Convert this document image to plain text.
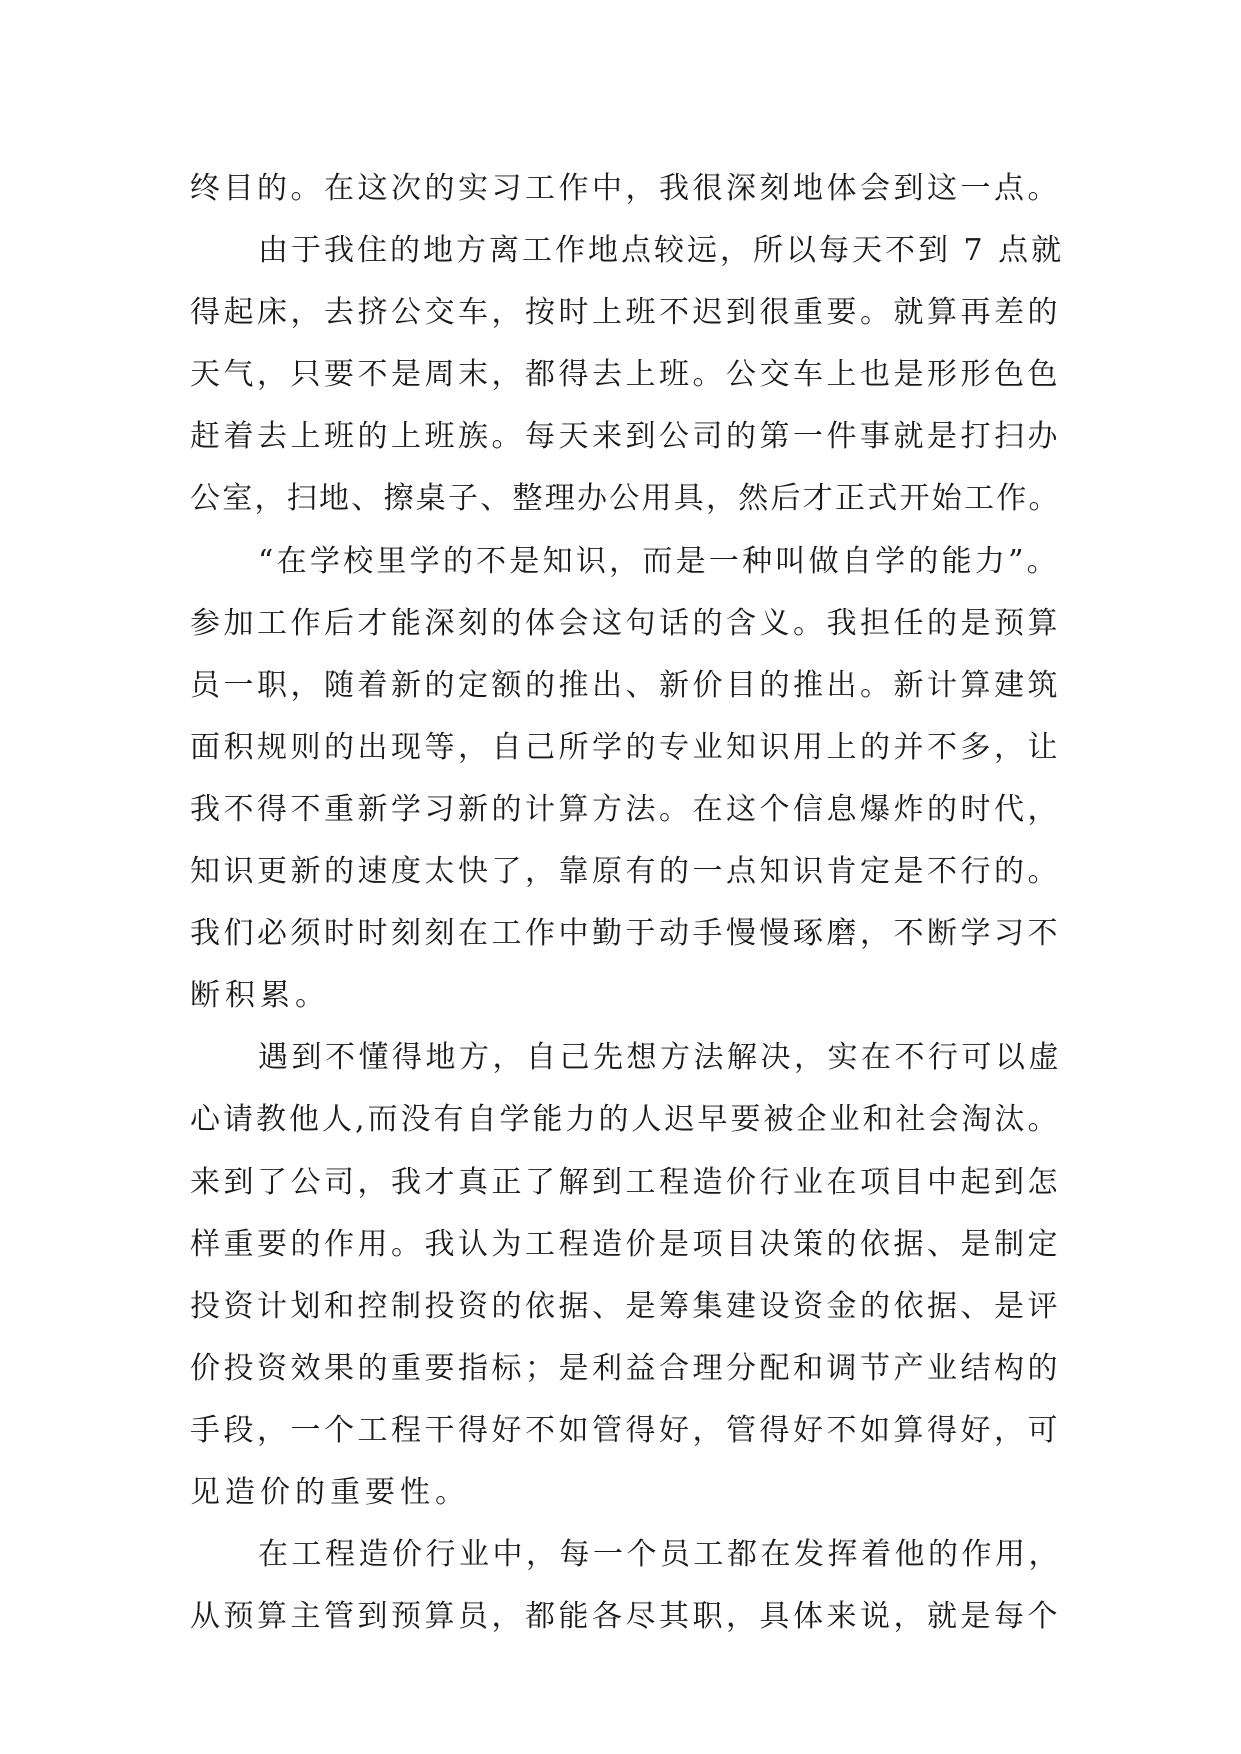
终目的。在这次的实习工作中，我很深刻地体会到这一点。
由于我住的地方离工作地点较远，所以每天不到 7 点就
得起床，去挤公交车，按时上班不迟到很重要。就算再差的
天气，只要不是周末，都得去上班。公交车上也是形形色色
赶着去上班的上班族。每天来到公司的第一件事就是打扫办
公室，扫地、擦桌子、整理办公用具，然后才正式开始工作。
“在学校里学的不是知识，而是一种叫做自学的能力”。
参加工作后才能深刻的体会这句话的含义。我担任的是预算
员一职，随着新的定额的推出、新价目的推出。新计算建筑
面积规则的出现等，自己所学的专业知识用上的并不多，让
我不得不重新学习新的计算方法。在这个信息爆炸的时代，
知识更新的速度太快了，靠原有的一点知识肯定是不行的。
我们必须时时刻刻在工作中勤于动手慢慢琢磨，不断学习不
断积累。
遇到不懂得地方，自己先想方法解决，实在不行可以虚
心请教他人,而没有自学能力的人迟早要被企业和社会淘汰。
来到了公司，我才真正了解到工程造价行业在项目中起到怎
样重要的作用。我认为工程造价是项目决策的依据、是制定
投资计划和控制投资的依据、是筹集建设资金的依据、是评
价投资效果的重要指标；是利益合理分配和调节产业结构的
手段，一个工程干得好不如管得好，管得好不如算得好，可
见造价的重要性。
在工程造价行业中，每一个员工都在发挥着他的作用，
从预算主管到预算员，都能各尽其职，具体来说，就是每个
